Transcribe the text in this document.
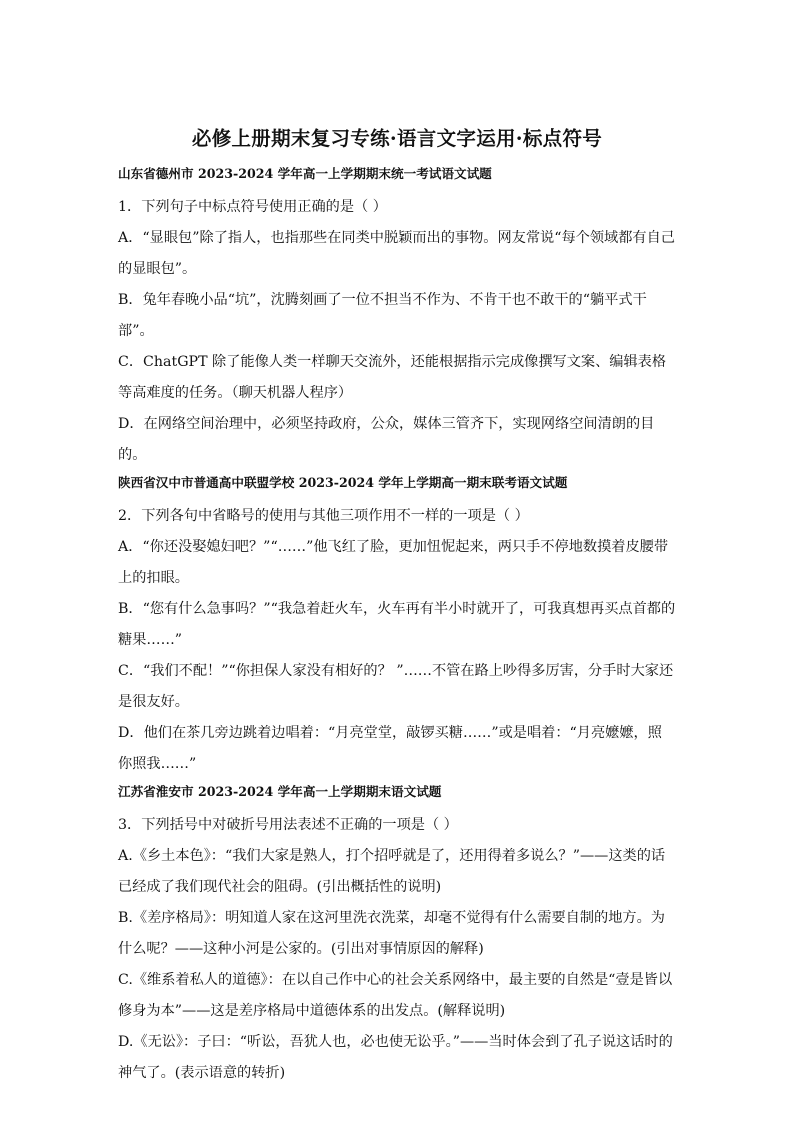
必修上册期末复习专练·语言文字运用·标点符号
山东省德州市 2023-2024 学年高一上学期期末统一考试语文试题

1．下列句子中标点符号使用正确的是（ ）

A．“显眼包”除了指人，也指那些在同类中脱颖而出的事物。网友常说“每个领域都有自己的显眼包”。

B．兔年春晚小品“坑”，沈腾刻画了一位不担当不作为、不肯干也不敢干的“躺平式干部”。

C．ChatGPT 除了能像人类一样聊天交流外，还能根据指示完成像撰写文案、编辑表格等高难度的任务。（聊天机器人程序）

D．在网络空间治理中，必须坚持政府，公众，媒体三管齐下，实现网络空间清朗的目的。

陕西省汉中市普通高中联盟学校 2023-2024 学年上学期高一期末联考语文试题

2．下列各句中省略号的使用与其他三项作用不一样的一项是（ ）

A．“你还没娶媳妇吧？”“……”他飞红了脸，更加忸怩起来，两只手不停地数摸着皮腰带上的扣眼。

B．“您有什么急事吗？”“我急着赶火车，火车再有半小时就开了，可我真想再买点首都的糖果……”

C．“我们不配！”“你担保人家没有相好的？ ”……不管在路上吵得多厉害，分手时大家还是很友好。

D．他们在茶几旁边跳着边唱着：“月亮堂堂，敲锣买糖……”或是唱着：“月亮嬷嬷，照你照我……”

江苏省淮安市 2023-2024 学年高一上学期期末语文试题

3．下列括号中对破折号用法表述不正确的一项是（ ）

A.《乡土本色》：“我们大家是熟人，打个招呼就是了，还用得着多说么？”——这类的话已经成了我们现代社会的阻碍。(引出概括性的说明)

B.《差序格局》：明知道人家在这河里洗衣洗菜，却毫不觉得有什么需要自制的地方。为什么呢？——这种小河是公家的。(引出对事情原因的解释)

C.《维系着私人的道德》：在以自己作中心的社会关系网络中，最主要的自然是“壹是皆以修身为本”——这是差序格局中道德体系的出发点。(解释说明)

D.《无讼》：子曰：“听讼，吾犹人也，必也使无讼乎。”——当时体会到了孔子说这话时的神气了。(表示语意的转折)
